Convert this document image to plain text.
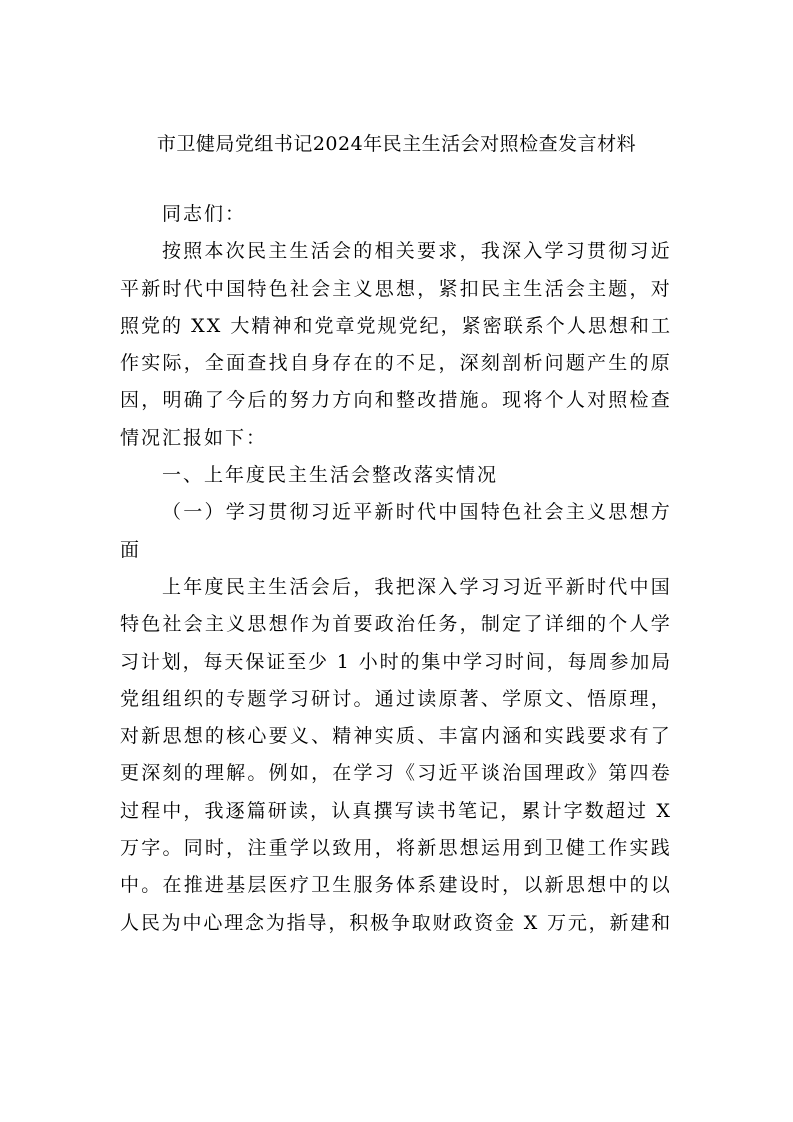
市卫健局党组书记2024年民主生活会对照检查发言材料
同志们：
按照本次民主生活会的相关要求，我深入学习贯彻习近
平新时代中国特色社会主义思想，紧扣民主生活会主题，对
照党的 XX 大精神和党章党规党纪，紧密联系个人思想和工
作实际，全面查找自身存在的不足，深刻剖析问题产生的原
因，明确了今后的努力方向和整改措施。现将个人对照检查
情况汇报如下：
一、上年度民主生活会整改落实情况
（一）学习贯彻习近平新时代中国特色社会主义思想方
面
上年度民主生活会后，我把深入学习习近平新时代中国
特色社会主义思想作为首要政治任务，制定了详细的个人学
习计划，每天保证至少 1 小时的集中学习时间，每周参加局
党组组织的专题学习研讨。通过读原著、学原文、悟原理，
对新思想的核心要义、精神实质、丰富内涵和实践要求有了
更深刻的理解。例如，在学习《习近平谈治国理政》第四卷
过程中，我逐篇研读，认真撰写读书笔记，累计字数超过 X
万字。同时，注重学以致用，将新思想运用到卫健工作实践
中。在推进基层医疗卫生服务体系建设时，以新思想中的以
人民为中心理念为指导，积极争取财政资金 X 万元，新建和
